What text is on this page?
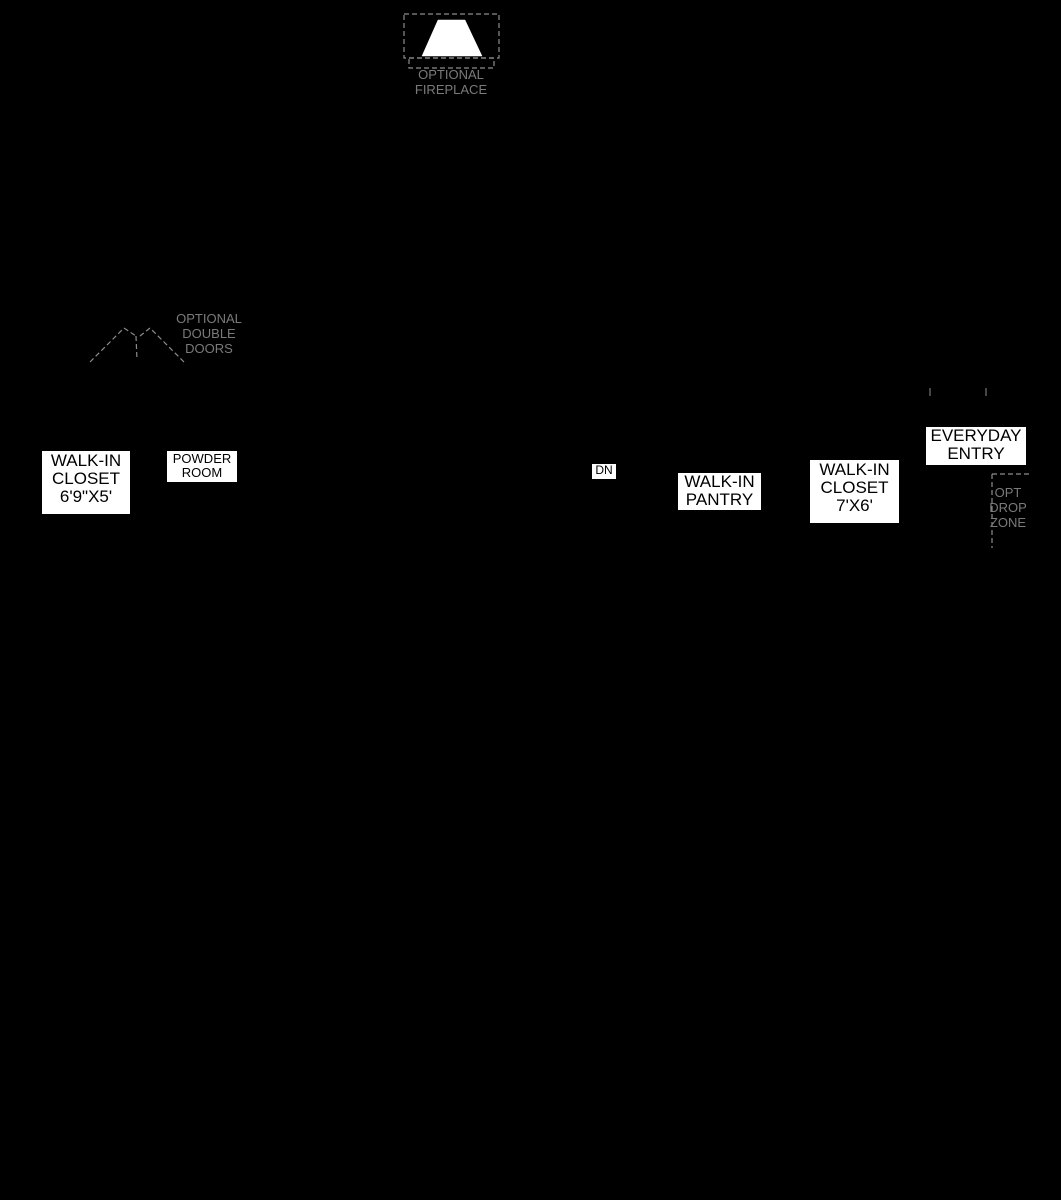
OPTIONAL
FIREPLACE
OPTIONAL
DOUBLE
DOORS
OPT
DROP
ZONE
WALK-IN
CLOSET
6'9"X5'
POWDER
ROOM	DN
WALK-IN
PANTRY
WALK-IN
CLOSET
7'X6'
EVERYDAY
ENTRY
